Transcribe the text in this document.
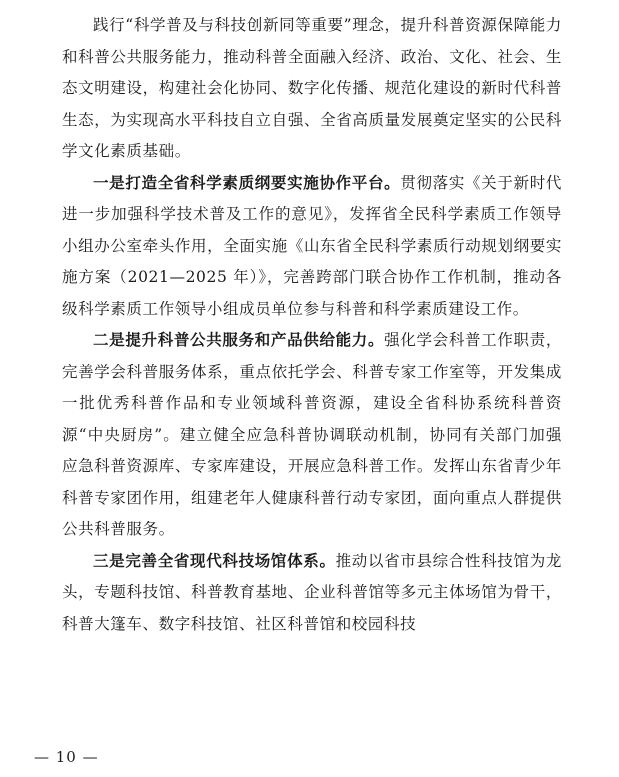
践行“科学普及与科技创新同等重要”理念，提升科普资源保障能力和科普公共服务能力，推动科普全面融入经济、政治、文化、社会、生态文明建设，构建社会化协同、数字化传播、规范化建设的新时代科普生态，为实现高水平科技自立自强、全省高质量发展奠定坚实的公民科学文化素质基础。

一是打造全省科学素质纲要实施协作平台。贯彻落实《关于新时代进一步加强科学技术普及工作的意见》，发挥省全民科学素质工作领导小组办公室牵头作用，全面实施《山东省全民科学素质行动规划纲要实施方案（2021—2025 年）》，完善跨部门联合协作工作机制，推动各级科学素质工作领导小组成员单位参与科普和科学素质建设工作。

二是提升科普公共服务和产品供给能力。强化学会科普工作职责，完善学会科普服务体系，重点依托学会、科普专家工作室等，开发集成一批优秀科普作品和专业领域科普资源，建设全省科协系统科普资源“中央厨房”。建立健全应急科普协调联动机制，协同有关部门加强应急科普资源库、专家库建设，开展应急科普工作。发挥山东省青少年科普专家团作用，组建老年人健康科普行动专家团，面向重点人群提供公共科普服务。

三是完善全省现代科技场馆体系。推动以省市县综合性科技馆为龙头，专题科技馆、科普教育基地、企业科普馆等多元主体场馆为骨干，科普大篷车、数字科技馆、社区科普馆和校园科技

— 10 —
